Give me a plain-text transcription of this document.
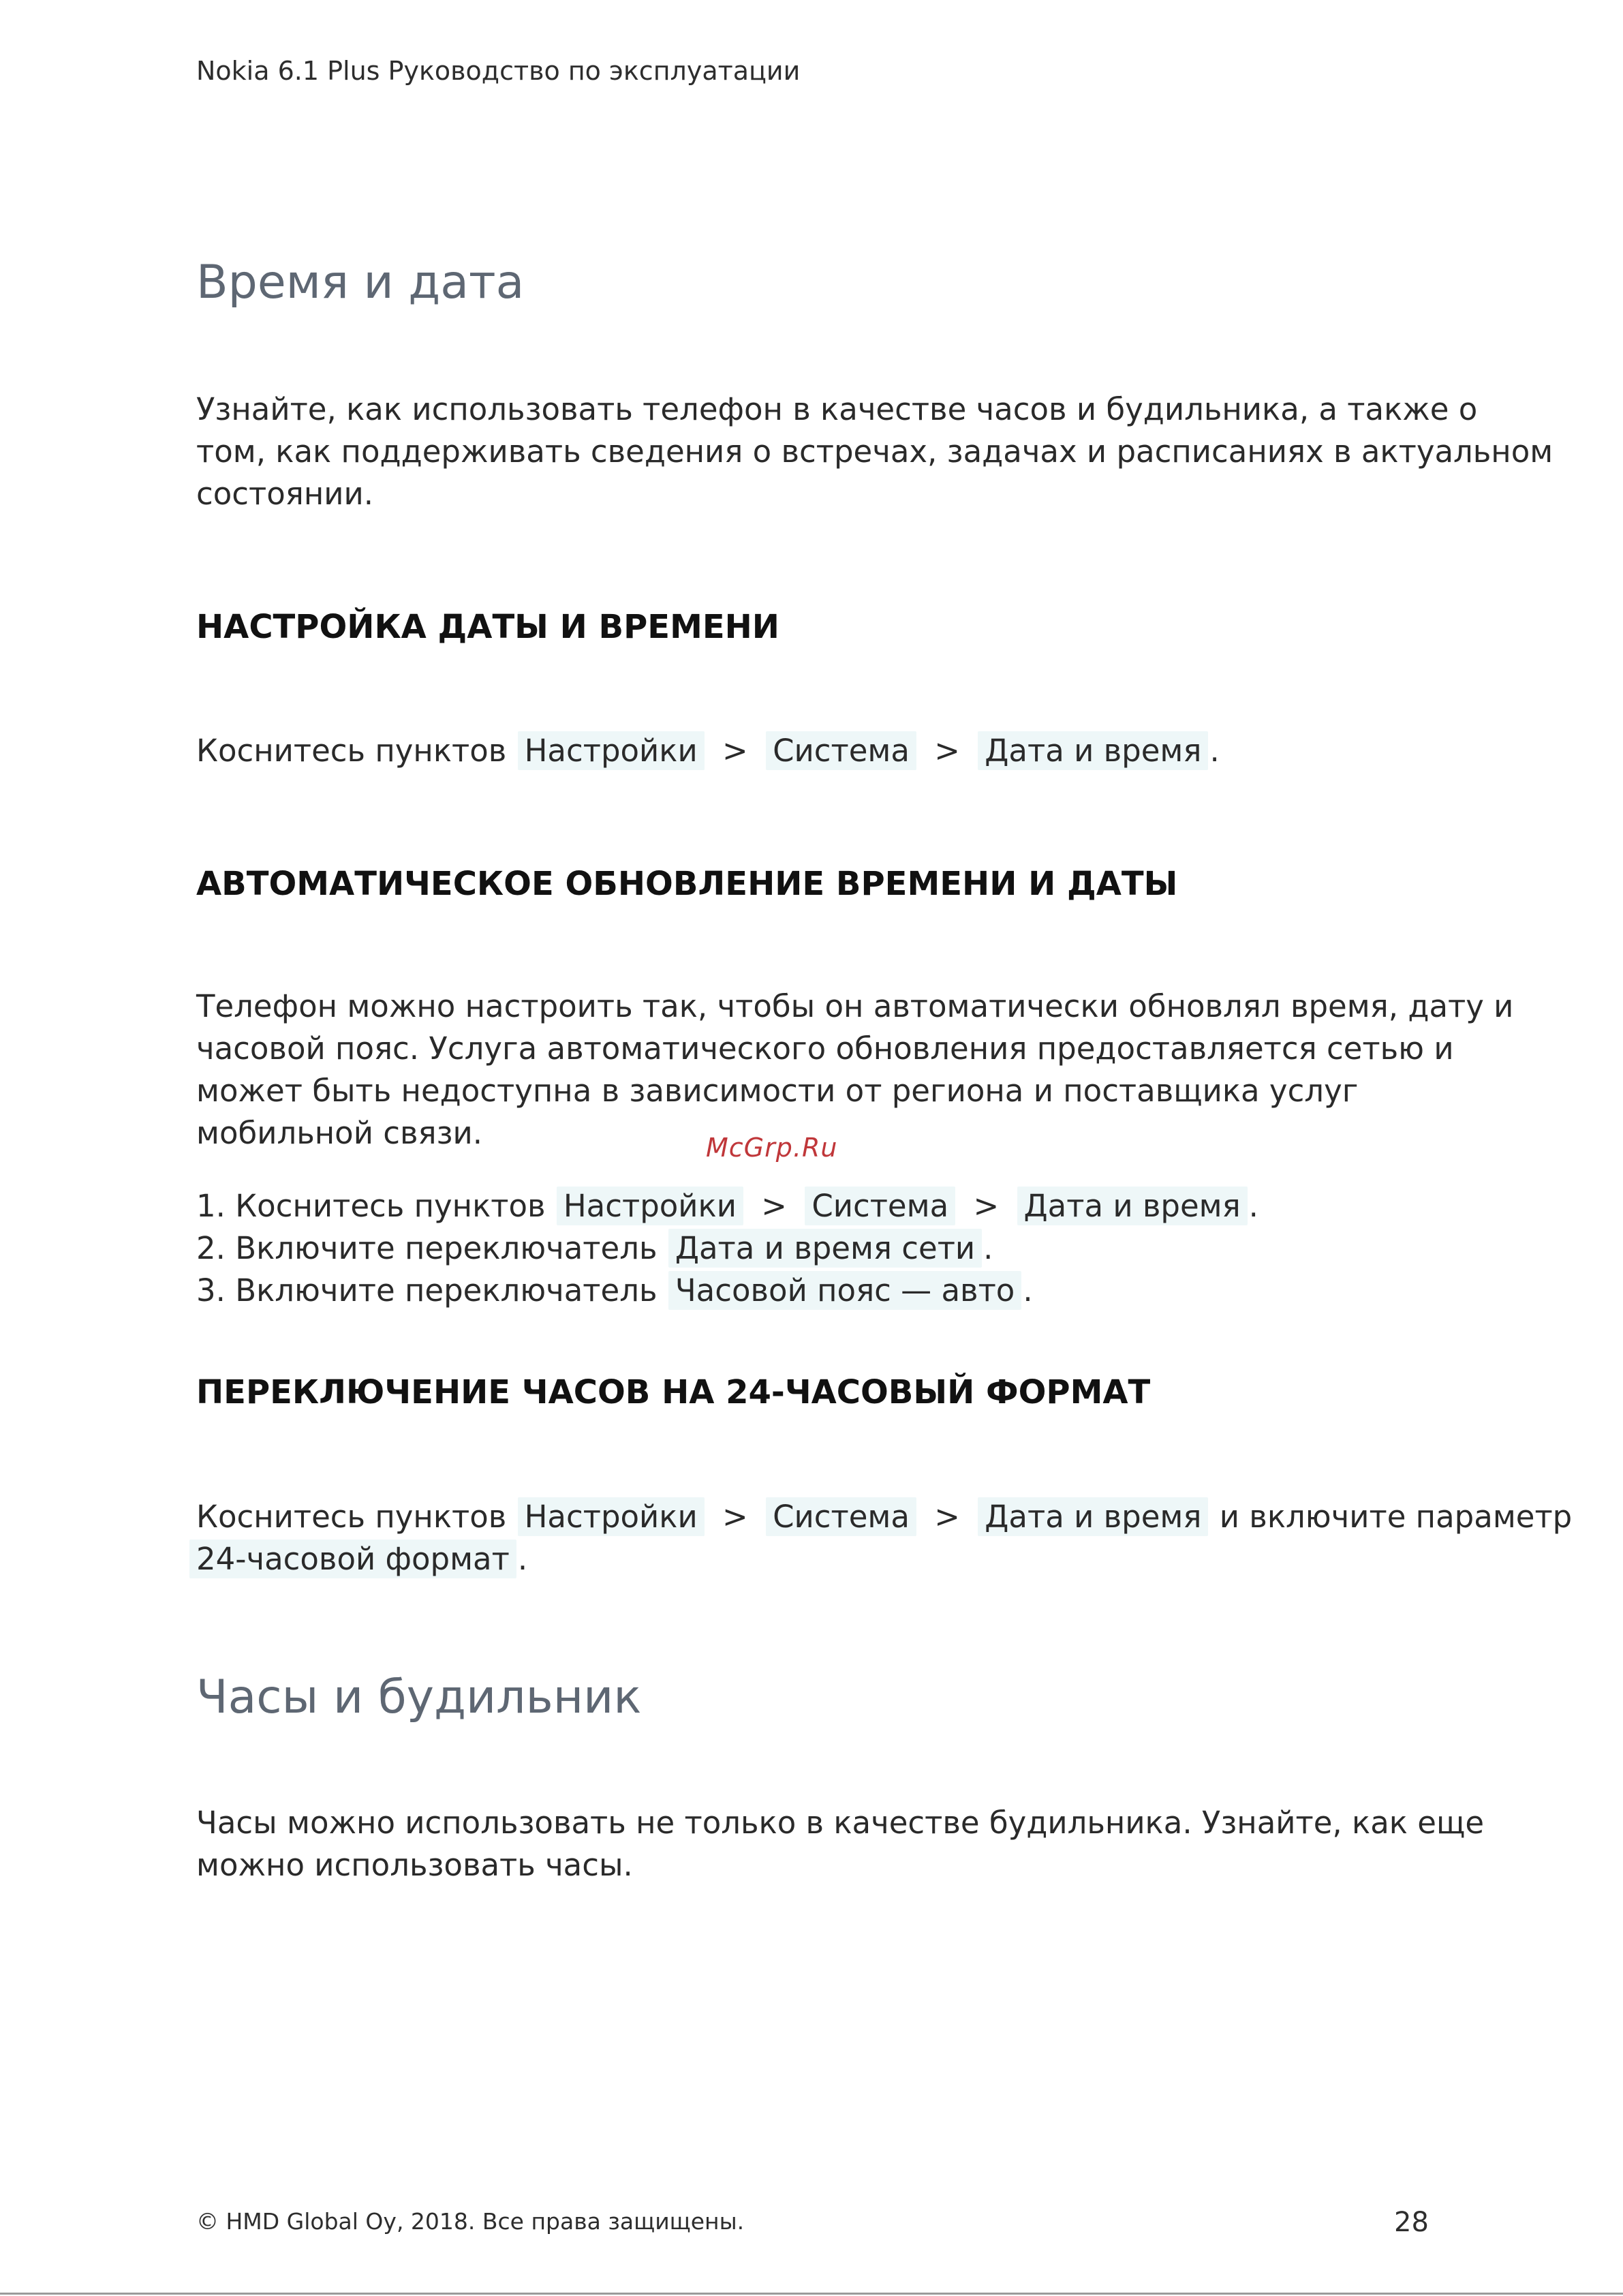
Nokia 6.1 Plus Руководство по эксплуатации
Время и дата
Узнайте, как использовать телефон в качестве часов и будильника, а также о
том, как поддерживать сведения о встречах, задачах и расписаниях в актуальном
состоянии.
НАСТРОЙКА ДАТЫ И ВРЕМЕНИ
Коснитесь пунктов Настройки > Система > Дата и время .
АВТОМАТИЧЕСКОЕ ОБНОВЛЕНИЕ ВРЕМЕНИ И ДАТЫ
Телефон можно настроить так, чтобы он автоматически обновлял время, дату и
часовой пояс. Услуга автоматического обновления предоставляется сетью и
может быть недоступна в зависимости от региона и поставщика услуг
мобильной связи.	McGrp.Ru
1. Коснитесь пунктов Настройки > Система > Дата и время .
2. Включите переключатель Дата и время сети .
3. Включите переключатель Часовой пояс — авто .
ПЕРЕКЛЮЧЕНИЕ ЧАСОВ НА 24-ЧАСОВЫЙ ФОРМАТ
Коснитесь пунктов Настройки > Система > Дата и время и включите параметр
24-часовой формат .
Часы и будильник
Часы можно использовать не только в качестве будильника. Узнайте, как еще
можно использовать часы.
© HMD Global Oy, 2018. Все права защищены.	28
